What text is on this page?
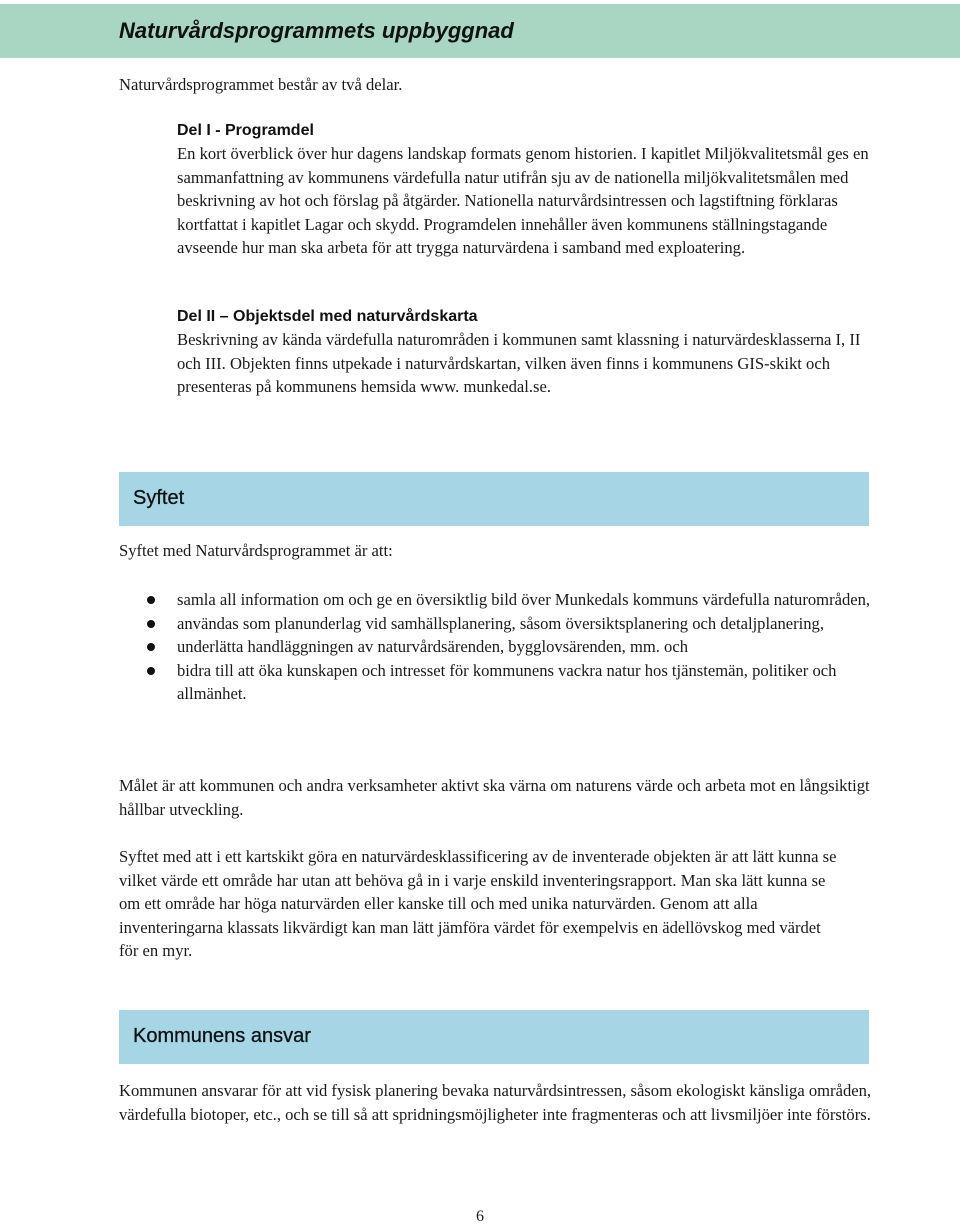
Naturvårdsprogrammets uppbyggnad

Naturvårdsprogrammet består av två delar.

Del I - Programdel

En kort överblick över hur dagens landskap formats genom historien. I kapitlet Miljökvalitetsmål ges en sammanfattning av kommunens värdefulla natur utifrån sju av de nationella miljökvalitetsmålen med beskrivning av hot och förslag på åtgärder. Nationella naturvårdsintressen och lagstiftning förklaras kortfattat i kapitlet Lagar och skydd. Programdelen innehåller även kommunens ställningstagande avseende hur man ska arbeta för att trygga naturvärdena i samband med exploatering.

Del II – Objektsdel med naturvårdskarta

Beskrivning av kända värdefulla naturområden i kommunen samt klassning i naturvärdesklasserna I, II och III. Objekten finns utpekade i naturvårdskartan, vilken även finns i kommunens GIS-skikt och presenteras på kommunens hemsida www. munkedal.se.

Syftet

Syftet med Naturvårdsprogrammet är att:

samla all information om och ge en översiktlig bild över Munkedals kommuns värdefulla naturområden,
användas som planunderlag vid samhällsplanering, såsom översiktsplanering och detaljplanering,
underlätta handläggningen av naturvårdsärenden, bygglovsärenden, mm. och
bidra till att öka kunskapen och intresset för kommunens vackra natur hos tjänstemän, politiker och allmänhet.

Målet är att kommunen och andra verksamheter aktivt ska värna om naturens värde och arbeta mot en långsiktigt hållbar utveckling.

Syftet med att i ett kartskikt göra en naturvärdesklassificering av de inventerade objekten är att lätt kunna se vilket värde ett område har utan att behöva gå in i varje enskild inventeringsrapport. Man ska lätt kunna se om ett område har höga naturvärden eller kanske till och med unika naturvärden. Genom att alla inventeringarna klassats likvärdigt kan man lätt jämföra värdet för exempelvis en ädellövskog med värdet för en myr.

Kommunens ansvar

Kommunen ansvarar för att vid fysisk planering bevaka naturvårdsintressen, såsom ekologiskt känsliga områden, värdefulla biotoper, etc., och se till så att spridningsmöjligheter inte fragmenteras och att livsmiljöer inte förstörs.

6
